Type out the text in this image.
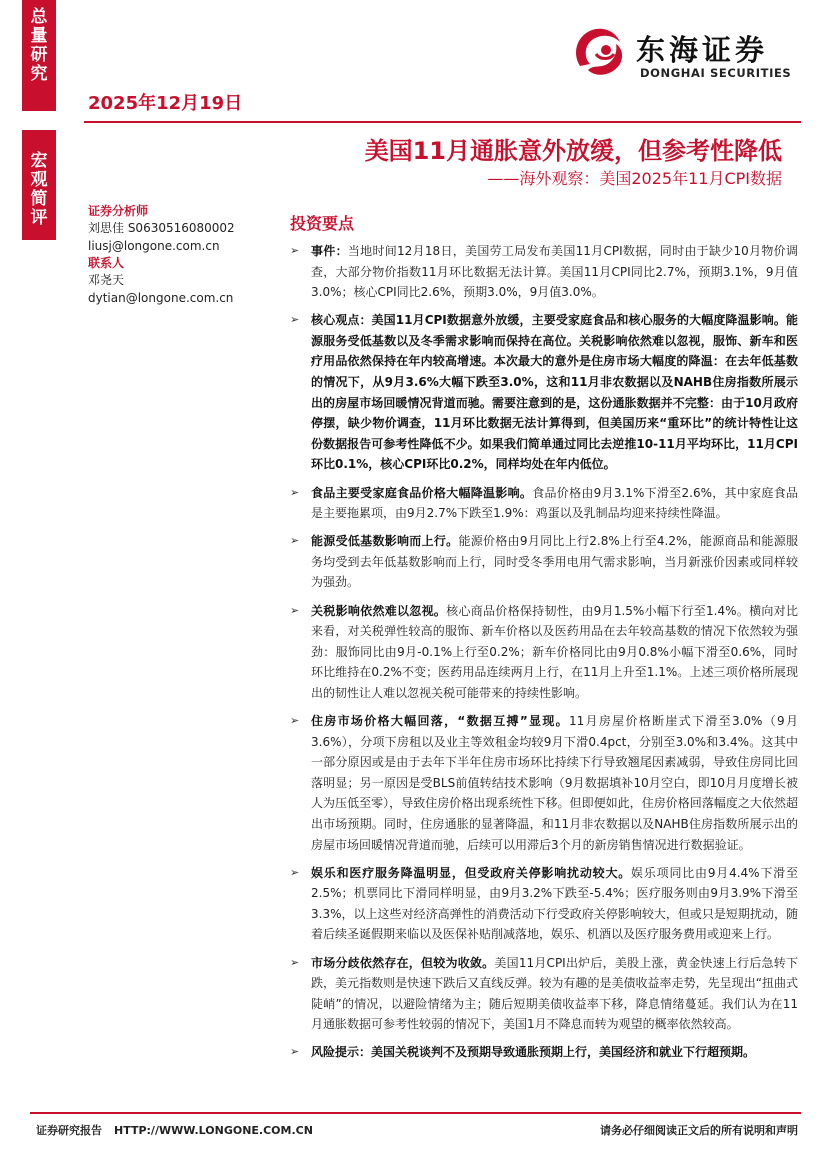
总
量
研
究
宏
观
简
评
东海证券
DONGHAI SECURITIES
2025年12月19日
美国11月通胀意外放缓，但参考性降低
——海外观察：美国2025年11月CPI数据
证券分析师
刘思佳 S0630516080002
liusj@longone.com.cn
联系人
邓尧天
dytian@longone.com.cn
投资要点
➢ 事件：当地时间12月18日，美国劳工局发布美国11月CPI数据，同时由于缺少10月物价调查，大部分物价指数11月环比数据无法计算。美国11月CPI同比2.7%，预期3.1%，9月值3.0%；核心CPI同比2.6%，预期3.0%，9月值3.0%。
➢ 核心观点：美国11月CPI数据意外放缓，主要受家庭食品和核心服务的大幅度降温影响。能源服务受低基数以及冬季需求影响而保持在高位。关税影响依然难以忽视，服饰、新车和医疗用品依然保持在年内较高增速。本次最大的意外是住房市场大幅度的降温：在去年低基数的情况下，从9月3.6%大幅下跌至3.0%，这和11月非农数据以及NAHB住房指数所展示出的房屋市场回暖情况背道而驰。需要注意到的是，这份通胀数据并不完整：由于10月政府停摆，缺少物价调查，11月环比数据无法计算得到，但美国历来“重环比”的统计特性让这份数据报告可参考性降低不少。如果我们简单通过同比去逆推10-11月平均环比，11月CPI环比0.1%，核心CPI环比0.2%，同样均处在年内低位。
➢ 食品主要受家庭食品价格大幅降温影响。食品价格由9月3.1%下滑至2.6%，其中家庭食品是主要拖累项，由9月2.7%下跌至1.9%：鸡蛋以及乳制品均迎来持续性降温。
➢ 能源受低基数影响而上行。能源价格由9月同比上行2.8%上行至4.2%，能源商品和能源服务均受到去年低基数影响而上行，同时受冬季用电用气需求影响，当月新涨价因素或同样较为强劲。
➢ 关税影响依然难以忽视。核心商品价格保持韧性，由9月1.5%小幅下行至1.4%。横向对比来看，对关税弹性较高的服饰、新车价格以及医药用品在去年较高基数的情况下依然较为强劲：服饰同比由9月-0.1%上行至0.2%；新车价格同比由9月0.8%小幅下滑至0.6%，同时环比维持在0.2%不变；医药用品连续两月上行，在11月上升至1.1%。上述三项价格所展现出的韧性让人难以忽视关税可能带来的持续性影响。
➢ 住房市场价格大幅回落，“数据互搏”显现。11月房屋价格断崖式下滑至3.0%（9月3.6%），分项下房租以及业主等效租金均较9月下滑0.4pct，分别至3.0%和3.4%。这其中一部分原因或是由于去年下半年住房市场环比持续下行导致翘尾因素减弱，导致住房同比回落明显；另一原因是受BLS前值转结技术影响（9月数据填补10月空白，即10月月度增长被人为压低至零），导致住房价格出现系统性下移。但即便如此，住房价格回落幅度之大依然超出市场预期。同时，住房通胀的显著降温，和11月非农数据以及NAHB住房指数所展示出的房屋市场回暖情况背道而驰，后续可以用滞后3个月的新房销售情况进行数据验证。
➢ 娱乐和医疗服务降温明显，但受政府关停影响扰动较大。娱乐项同比由9月4.4%下滑至2.5%；机票同比下滑同样明显，由9月3.2%下跌至-5.4%；医疗服务则由9月3.9%下滑至3.3%，以上这些对经济高弹性的消费活动下行受政府关停影响较大，但或只是短期扰动，随着后续圣诞假期来临以及医保补贴削减落地，娱乐、机酒以及医疗服务费用或迎来上行。
➢ 市场分歧依然存在，但较为收敛。美国11月CPI出炉后，美股上涨，黄金快速上行后急转下跌，美元指数则是快速下跌后又直线反弹。较为有趣的是美债收益率走势，先呈现出“扭曲式陡峭”的情况，以避险情绪为主；随后短期美债收益率下移，降息情绪蔓延。我们认为在11月通胀数据可参考性较弱的情况下，美国1月不降息而转为观望的概率依然较高。
➢ 风险提示：美国关税谈判不及预期导致通胀预期上行，美国经济和就业下行超预期。
证券研究报告 HTTP://WWW.LONGONE.COM.CN	请务必仔细阅读正文后的所有说明和声明
